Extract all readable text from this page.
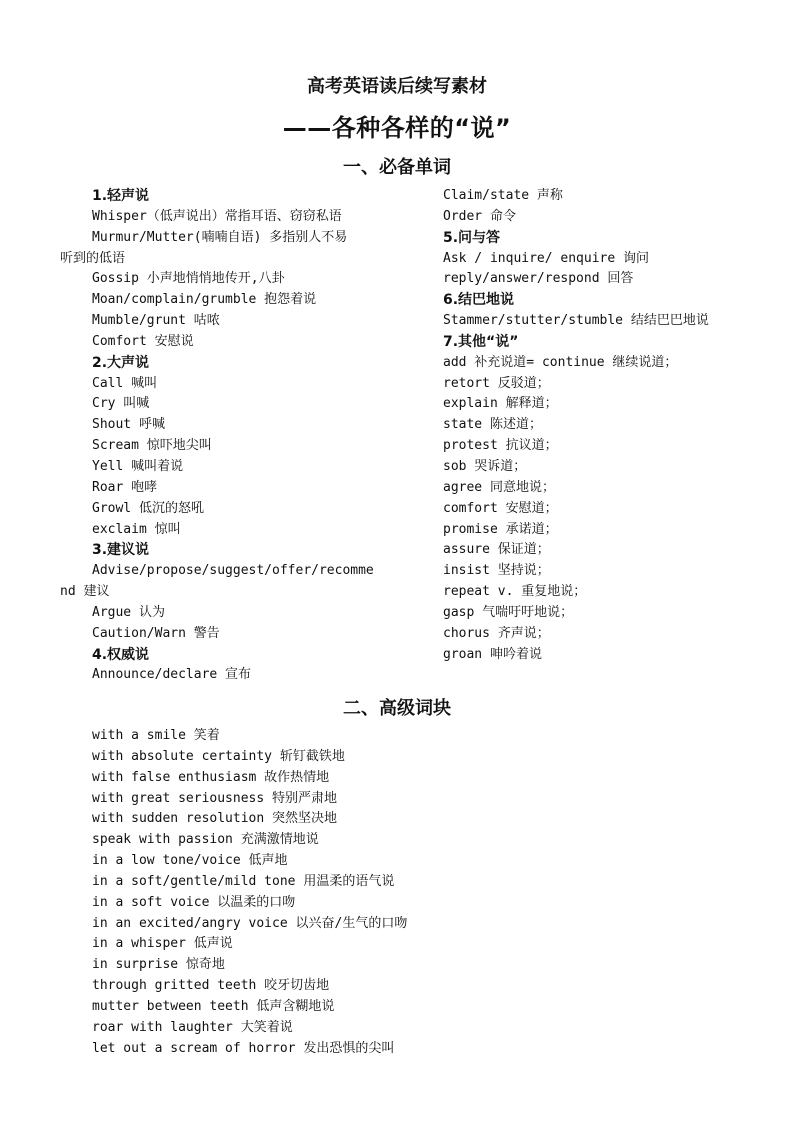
高考英语读后续写素材
——各种各样的“说”
一、必备单词
1.轻声说
Whisper（低声说出）常指耳语、窃窃私语
Murmur/Mutter(喃喃自语) 多指别人不易
听到的低语
Gossip 小声地悄悄地传开,八卦
Moan/complain/grumble 抱怨着说
Mumble/grunt 咕哝
Comfort 安慰说
2.大声说
Call 喊叫
Cry 叫喊
Shout 呼喊
Scream 惊吓地尖叫
Yell 喊叫着说
Roar 咆哮
Growl 低沉的怒吼
exclaim 惊叫
3.建议说
Advise/propose/suggest/offer/recomme
nd 建议
Argue 认为
Caution/Warn 警告
4.权威说
Announce/declare 宣布
Claim/state 声称
Order 命令
5.问与答
Ask / inquire/ enquire 询问
reply/answer/respond 回答
6.结巴地说
Stammer/stutter/stumble 结结巴巴地说
7.其他“说”
add 补充说道= continue 继续说道；
retort 反驳道；
explain 解释道；
state 陈述道；
protest 抗议道；
sob 哭诉道；
agree 同意地说；
comfort 安慰道；
promise 承诺道；
assure 保证道；
insist 坚持说；
repeat v. 重复地说；
gasp 气喘吁吁地说；
chorus 齐声说；
groan 呻吟着说
二、高级词块
with a smile 笑着
with absolute certainty 斩钉截铁地
with false enthusiasm 故作热情地
with great seriousness 特别严肃地
with sudden resolution 突然坚决地
speak with passion 充满激情地说
in a low tone/voice 低声地
in a soft/gentle/mild tone 用温柔的语气说
in a soft voice 以温柔的口吻
in an excited/angry voice 以兴奋/生气的口吻
in a whisper 低声说
in surprise 惊奇地
through gritted teeth 咬牙切齿地
mutter between teeth 低声含糊地说
roar with laughter 大笑着说
let out a scream of horror 发出恐惧的尖叫
